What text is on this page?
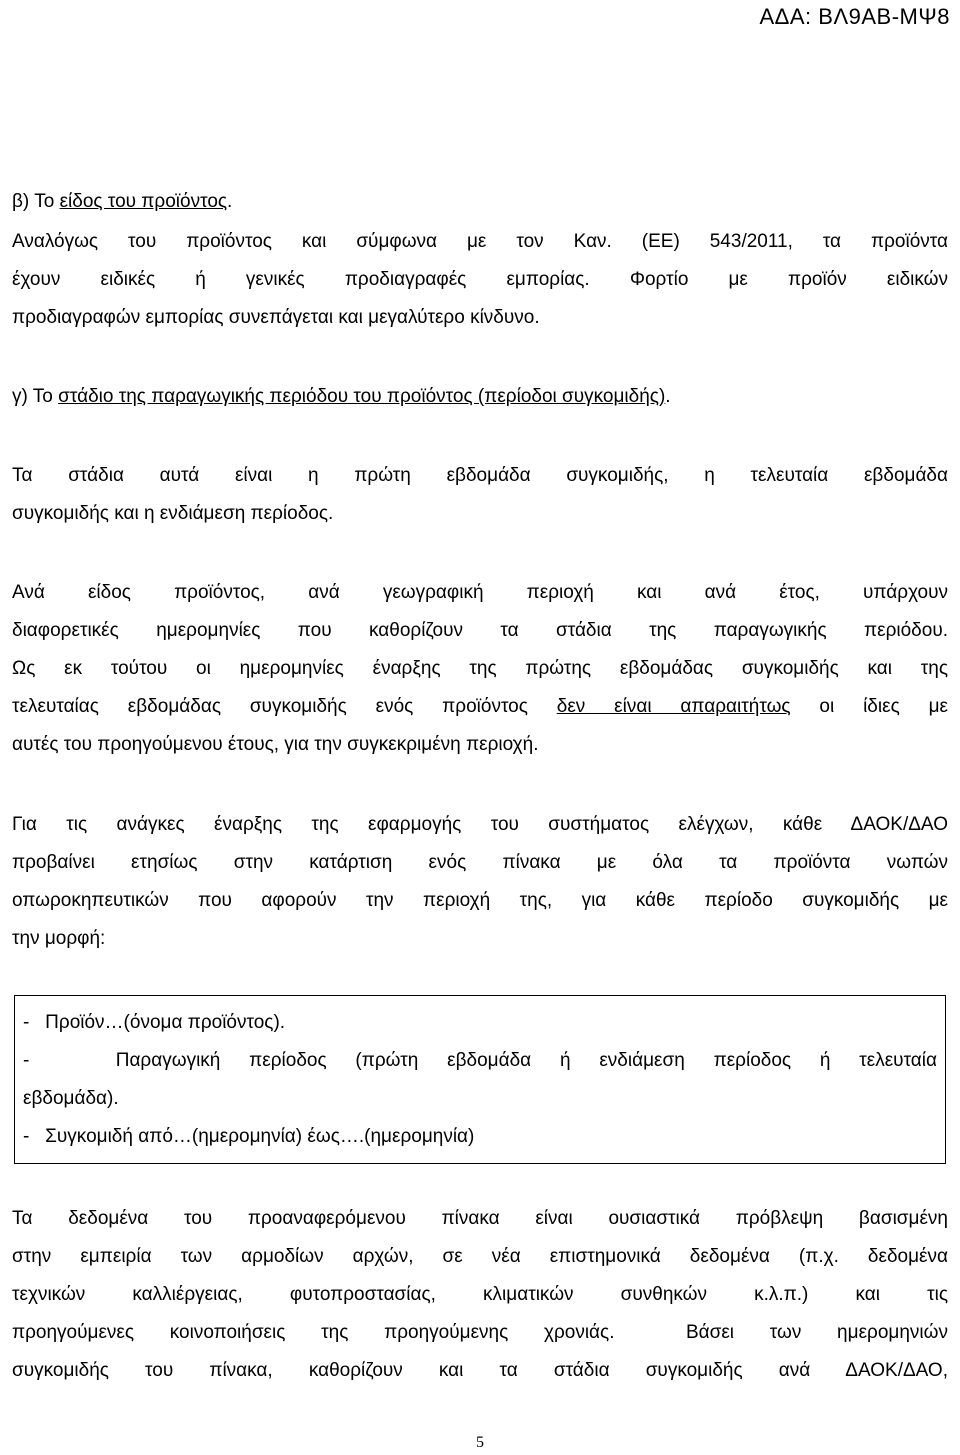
ΑΔΑ: ΒΛ9ΑΒ-ΜΨ8
β) Το είδος του προϊόντος.
Αναλόγως του προϊόντος και σύμφωνα με τον Καν. (ΕΕ) 543/2011, τα προϊόντα
έχουν ειδικές ή γενικές προδιαγραφές εμπορίας. Φορτίο με προϊόν ειδικών
προδιαγραφών εμπορίας συνεπάγεται και μεγαλύτερο κίνδυνο.
γ) Το στάδιο της παραγωγικής περιόδου του προϊόντος (περίοδοι συγκομιδής).
Τα στάδια αυτά είναι η πρώτη εβδομάδα συγκομιδής, η τελευταία εβδομάδα
συγκομιδής και η ενδιάμεση περίοδος.
Ανά είδος προϊόντος, ανά γεωγραφική περιοχή και ανά έτος, υπάρχουν
διαφορετικές ημερομηνίες που καθορίζουν τα στάδια της παραγωγικής περιόδου.
Ως εκ τούτου οι ημερομηνίες έναρξης της πρώτης εβδομάδας συγκομιδής και της
τελευταίας εβδομάδας συγκομιδής ενός προϊόντος δεν είναι απαραιτήτως οι ίδιες με
αυτές του προηγούμενου έτους, για την συγκεκριμένη περιοχή.
Για τις ανάγκες έναρξης της εφαρμογής του συστήματος ελέγχων, κάθε ΔΑΟΚ/ΔΑΟ
προβαίνει ετησίως στην κατάρτιση ενός πίνακα με όλα τα προϊόντα νωπών
οπωροκηπευτικών που αφορούν την περιοχή της, για κάθε περίοδο συγκομιδής με
την μορφή:
-   Προϊόν…(όνομα προϊόντος).
-   Παραγωγική περίοδος (πρώτη εβδομάδα ή ενδιάμεση περίοδος ή τελευταία
εβδομάδα).
-   Συγκομιδή από…(ημερομηνία) έως….(ημερομηνία)
Τα δεδομένα του προαναφερόμενου πίνακα είναι ουσιαστικά πρόβλεψη βασισμένη
στην εμπειρία των αρμοδίων αρχών, σε νέα επιστημονικά δεδομένα (π.χ. δεδομένα
τεχνικών καλλιέργειας, φυτοπροστασίας, κλιματικών συνθηκών κ.λ.π.) και τις
προηγούμενες κοινοποιήσεις της προηγούμενης χρονιάς.  Βάσει των ημερομηνιών
συγκομιδής του πίνακα, καθορίζουν και τα στάδια συγκομιδής ανά ΔΑΟΚ/ΔΑΟ,
5
